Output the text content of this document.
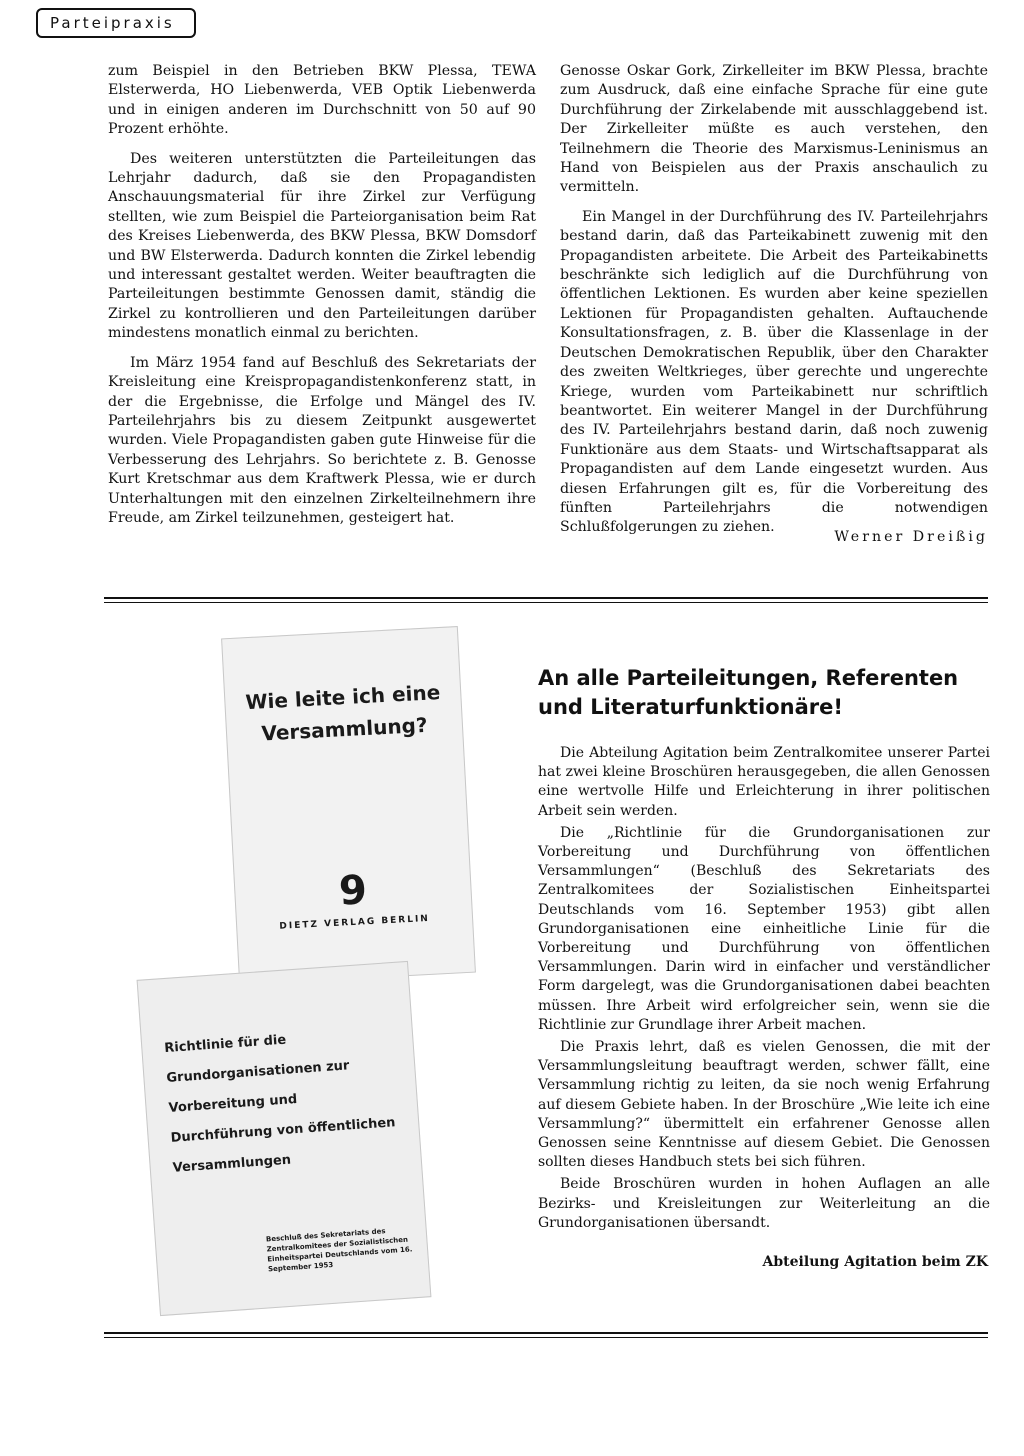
Parteipraxis

zum Beispiel in den Betrieben BKW Plessa, TEWA Elsterwerda, HO Liebenwerda, VEB Optik Liebenwerda und in einigen anderen im Durchschnitt von 50 auf 90 Prozent erhöhte.

Des weiteren unterstützten die Parteileitungen das Lehrjahr dadurch, daß sie den Propagandisten Anschauungsmaterial für ihre Zirkel zur Verfügung stellten, wie zum Beispiel die Parteiorganisation beim Rat des Kreises Liebenwerda, des BKW Plessa, BKW Domsdorf und BW Elsterwerda. Dadurch konnten die Zirkel lebendig und interessant gestaltet werden. Weiter beauftragten die Parteileitungen bestimmte Genossen damit, ständig die Zirkel zu kontrollieren und den Parteileitungen darüber mindestens monatlich einmal zu berichten.

Im März 1954 fand auf Beschluß des Sekretariats der Kreisleitung eine Kreispropagandistenkonferenz statt, in der die Ergebnisse, die Erfolge und Mängel des IV. Parteilehrjahrs bis zu diesem Zeitpunkt ausgewertet wurden. Viele Propagandisten gaben gute Hinweise für die Verbesserung des Lehrjahrs. So berichtete z. B. Genosse Kurt Kretschmar aus dem Kraftwerk Plessa, wie er durch Unterhaltungen mit den einzelnen Zirkelteilnehmern ihre Freude, am Zirkel teilzunehmen, gesteigert hat.

Genosse Oskar Gork, Zirkelleiter im BKW Plessa, brachte zum Ausdruck, daß eine einfache Sprache für eine gute Durchführung der Zirkelabende mit ausschlaggebend ist. Der Zirkelleiter müßte es auch verstehen, den Teilnehmern die Theorie des Marxismus-Leninismus an Hand von Beispielen aus der Praxis anschaulich zu vermitteln.

Ein Mangel in der Durchführung des IV. Parteilehrjahrs bestand darin, daß das Parteikabinett zuwenig mit den Propagandisten arbeitete. Die Arbeit des Parteikabinetts beschränkte sich lediglich auf die Durchführung von öffentlichen Lektionen. Es wurden aber keine speziellen Lektionen für Propagandisten gehalten. Auftauchende Konsultationsfragen, z. B. über die Klassenlage in der Deutschen Demokratischen Republik, über den Charakter des zweiten Weltkrieges, über gerechte und ungerechte Kriege, wurden vom Parteikabinett nur schriftlich beantwortet. Ein weiterer Mangel in der Durchführung des IV. Parteilehrjahrs bestand darin, daß noch zuwenig Funktionäre aus dem Staats- und Wirtschaftsapparat als Propagandisten auf dem Lande eingesetzt wurden. Aus diesen Erfahrungen gilt es, für die Vorbereitung des fünften Parteilehrjahrs die notwendigen Schlußfolgerungen zu ziehen.

Werner Dreißig
Wie leite ich eine Versammlung?
9
DIETZ VERLAG BERLIN
Richtlinie für die Grundorganisationen zur Vorbereitung und Durchführung von öffentlichen Versammlungen
Beschluß des Sekretariats des Zentralkomitees der Sozialistischen Einheitspartei Deutschlands vom 16. September 1953
An alle Parteileitungen, Referenten und Literaturfunktionäre!

Die Abteilung Agitation beim Zentralkomitee unserer Partei hat zwei kleine Broschüren herausgegeben, die allen Genossen eine wertvolle Hilfe und Erleichterung in ihrer politischen Arbeit sein werden.

Die „Richtlinie für die Grundorganisationen zur Vorbereitung und Durchführung von öffentlichen Versammlungen“ (Beschluß des Sekretariats des Zentralkomitees der Sozialistischen Einheitspartei Deutschlands vom 16. September 1953) gibt allen Grundorganisationen eine einheitliche Linie für die Vorbereitung und Durchführung von öffentlichen Versammlungen. Darin wird in einfacher und verständlicher Form dargelegt, was die Grundorganisationen dabei beachten müssen. Ihre Arbeit wird erfolgreicher sein, wenn sie die Richtlinie zur Grundlage ihrer Arbeit machen.

Die Praxis lehrt, daß es vielen Genossen, die mit der Versammlungsleitung beauftragt werden, schwer fällt, eine Versammlung richtig zu leiten, da sie noch wenig Erfahrung auf diesem Gebiete haben. In der Broschüre „Wie leite ich eine Versammlung?“ übermittelt ein erfahrener Genosse allen Genossen seine Kenntnisse auf diesem Gebiet. Die Genossen sollten dieses Handbuch stets bei sich führen.

Beide Broschüren wurden in hohen Auflagen an alle Bezirks- und Kreisleitungen zur Weiterleitung an die Grundorganisationen übersandt.

Abteilung Agitation beim ZK
